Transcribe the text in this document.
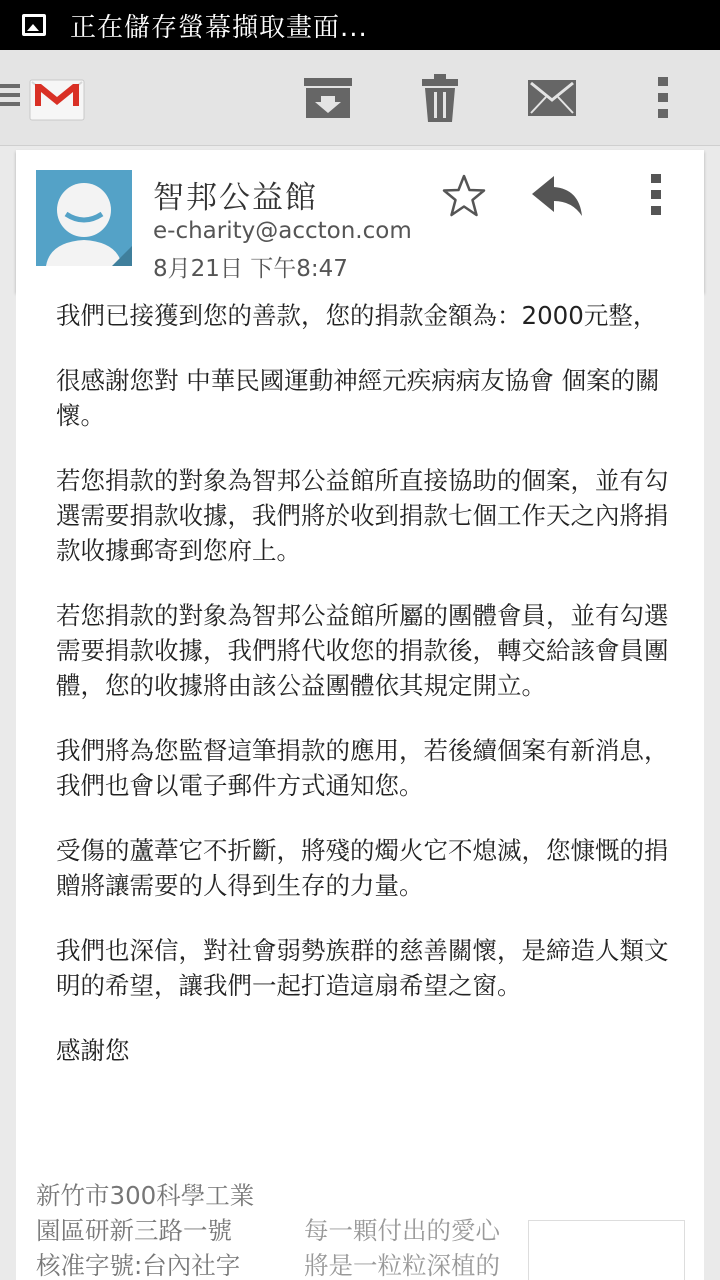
正在儲存螢幕擷取畫面...
智邦公益館
e-charity@accton.com
8月21日 下午8:47

我們已接獲到您的善款，您的捐款金額為：2000元整，

很感謝您對 中華民國運動神經元疾病病友協會 個案的關懷。

若您捐款的對象為智邦公益館所直接協助的個案，並有勾選需要捐款收據，我們將於收到捐款七個工作天之內將捐款收據郵寄到您府上。

若您捐款的對象為智邦公益館所屬的團體會員，並有勾選需要捐款收據，我們將代收您的捐款後，轉交給該會員團體，您的收據將由該公益團體依其規定開立。

我們將為您監督這筆捐款的應用，若後續個案有新消息，我們也會以電子郵件方式通知您。

受傷的蘆葦它不折斷，將殘的燭火它不熄滅，您慷慨的捐贈將讓需要的人得到生存的力量。

我們也深信，對社會弱勢族群的慈善關懷，是締造人類文明的希望，讓我們一起打造這扇希望之窗。

感謝您

新竹市300科學工業
園區研新三路一號
核准字號:台內社字
每一顆付出的愛心
將是一粒粒深植的
